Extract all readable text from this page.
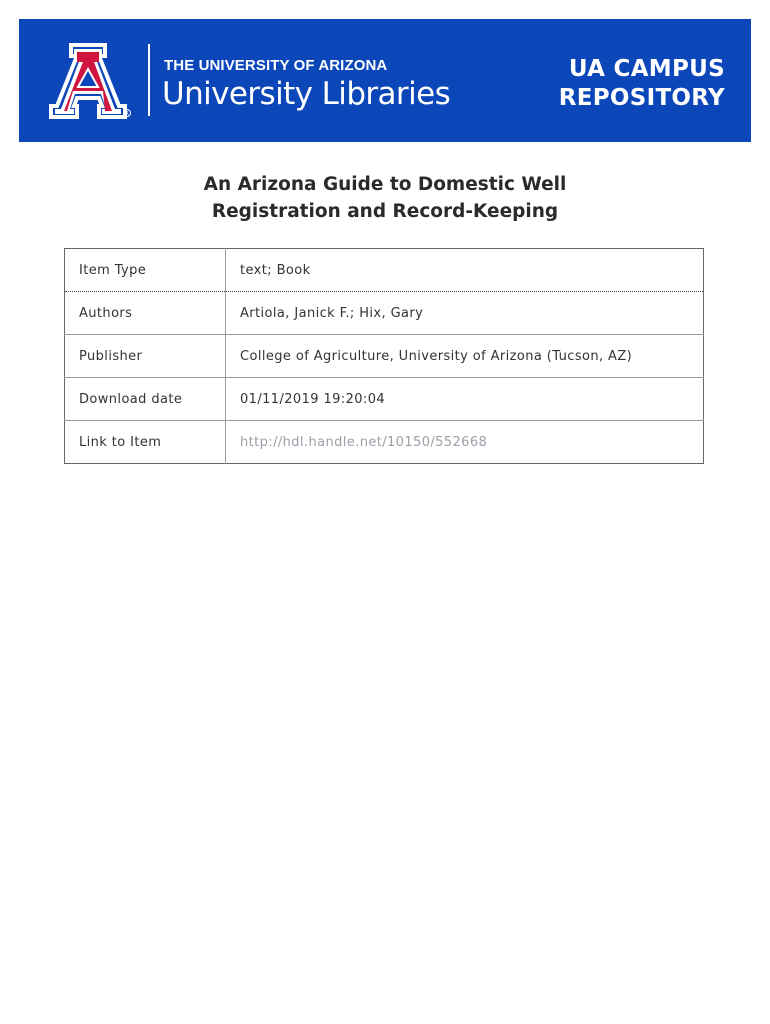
R
THE UNIVERSITY OF ARIZONA
University Libraries
UA CAMPUS
REPOSITORY
An Arizona Guide to Domestic Well
Registration and Record-Keeping
Item Type	text; Book
Authors	Artiola, Janick F.; Hix, Gary
Publisher	College of Agriculture, University of Arizona (Tucson, AZ)
Download date	01/11/2019 19:20:04
Link to Item	http://hdl.handle.net/10150/552668
